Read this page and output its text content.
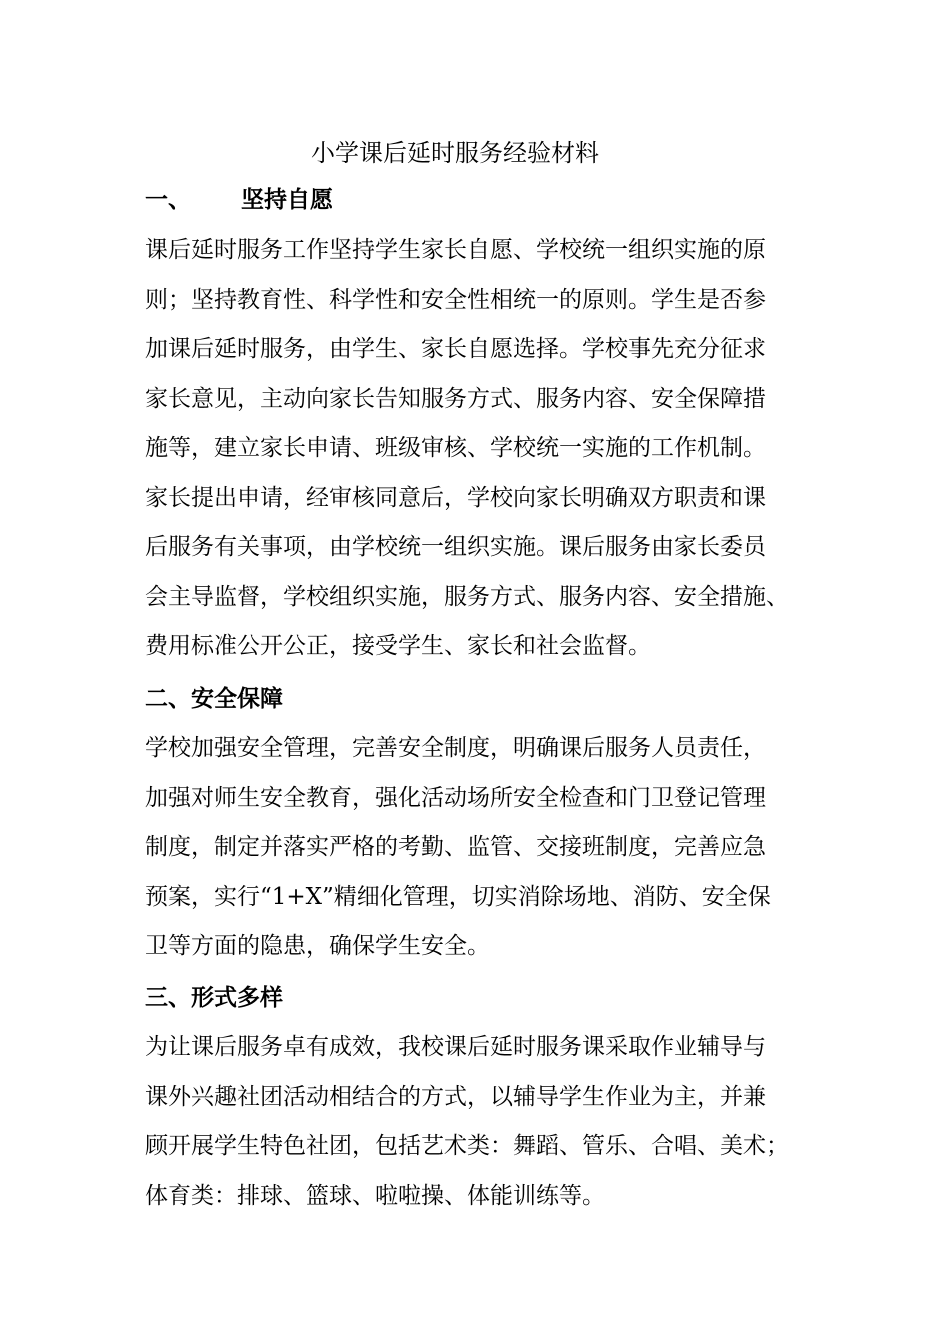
小学课后延时服务经验材料
一、 坚持自愿
课后延时服务工作坚持学生家长自愿、学校统一组织实施的原
则；坚持教育性、科学性和安全性相统一的原则。学生是否参
加课后延时服务，由学生、家长自愿选择。学校事先充分征求
家长意见，主动向家长告知服务方式、服务内容、安全保障措
施等，建立家长申请、班级审核、学校统一实施的工作机制。
家长提出申请，经审核同意后，学校向家长明确双方职责和课
后服务有关事项，由学校统一组织实施。课后服务由家长委员
会主导监督，学校组织实施，服务方式、服务内容、安全措施、
费用标准公开公正，接受学生、家长和社会监督。
二、安全保障
学校加强安全管理，完善安全制度，明确课后服务人员责任，
加强对师生安全教育，强化活动场所安全检查和门卫登记管理
制度，制定并落实严格的考勤、监管、交接班制度，完善应急
预案，实行“1+X”精细化管理，切实消除场地、消防、安全保
卫等方面的隐患，确保学生安全。
三、形式多样
为让课后服务卓有成效，我校课后延时服务课采取作业辅导与
课外兴趣社团活动相结合的方式，以辅导学生作业为主，并兼
顾开展学生特色社团，包括艺术类：舞蹈、管乐、合唱、美术；
体育类：排球、篮球、啦啦操、体能训练等。
